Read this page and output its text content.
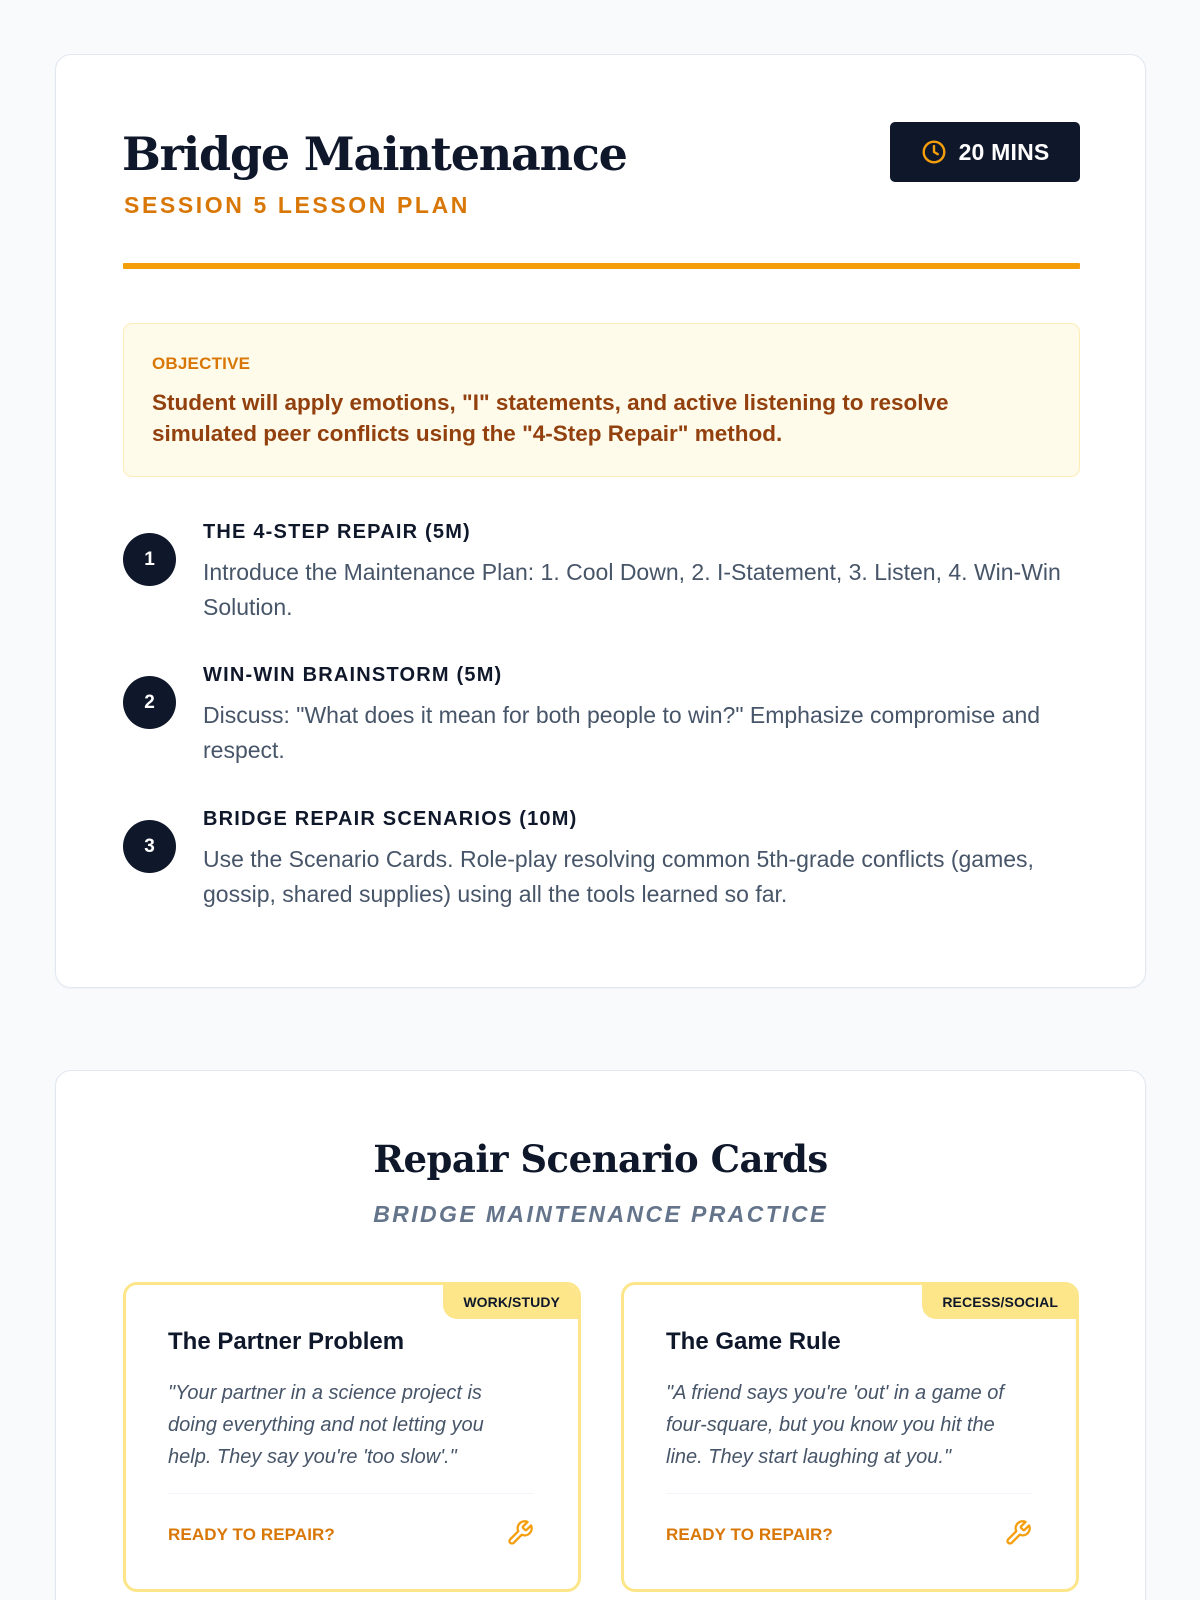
Bridge Maintenance
SESSION 5 LESSON PLAN
20 MINS
OBJECTIVE

Student will apply emotions, "I" statements, and active listening to resolve simulated peer conflicts using the "4-Step Repair" method.

1
THE 4-STEP REPAIR (5M)

Introduce the Maintenance Plan: 1. Cool Down, 2. I-Statement, 3. Listen, 4. Win-Win Solution.

2
WIN-WIN BRAINSTORM (5M)

Discuss: "What does it mean for both people to win?" Emphasize compromise and respect.

3
BRIDGE REPAIR SCENARIOS (10M)

Use the Scenario Cards. Role-play resolving common 5th-grade conflicts (games, gossip, shared supplies) using all the tools learned so far.

Repair Scenario Cards
BRIDGE MAINTENANCE PRACTICE
WORK/STUDY
The Partner Problem

"Your partner in a science project is doing everything and not letting you help. They say you're 'too slow'."

READY TO REPAIR?
RECESS/SOCIAL
The Game Rule

"A friend says you're 'out' in a game of four-square, but you know you hit the line. They start laughing at you."

READY TO REPAIR?
